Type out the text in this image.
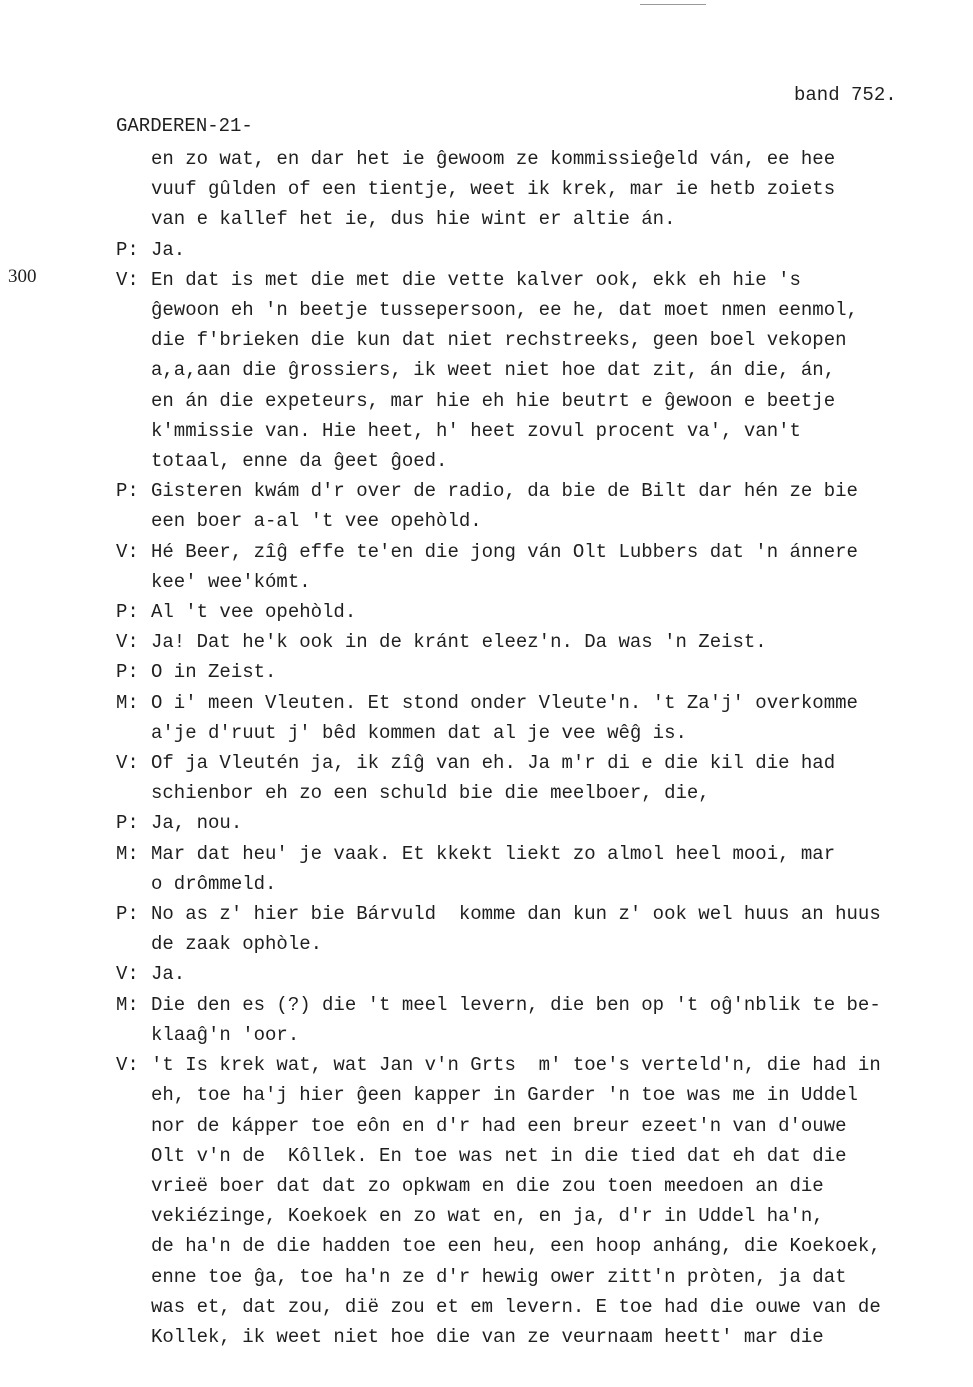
band 752.
GARDEREN-21-
300
en zo wat, en dar het ie ĝewoom ze kommissieĝeld ván, ee hee
vuuf gûlden of een tientje, weet ik krek, mar ie hetb zoiets
van e kallef het ie, dus hie wint er altie án.
P: Ja.
V: En dat is met die met die vette kalver ook, ekk eh hie 's
ĝewoon eh 'n beetje tussepersoon, ee he, dat moet nmen eenmol,
die f'brieken die kun dat niet rechstreeks, geen boel vekopen
a,a,aan die ĝrossiers, ik weet niet hoe dat zit, án die, án,
en án die expeteurs, mar hie eh hie beutrt e ĝewoon e beetje
k'mmissie van. Hie heet, h' heet zovul procent va', van't
totaal, enne da ĝeet ĝoed.
P: Gisteren kwám d'r over de radio, da bie de Bilt dar hén ze bie
een boer a-al 't vee opehòld.
V: Hé Beer, zîĝ effe te'en die jong ván Olt Lubbers dat 'n ánnere
kee' wee'kómt.
P: Al 't vee opehòld.
V: Ja! Dat he'k ook in de kránt eleez'n. Da was 'n Zeist.
P: O in Zeist.
M: O i' meen Vleuten. Et stond onder Vleute'n. 't Za'j' overkomme
a'je d'ruut j' bêd kommen dat al je vee wêĝ is.
V: Of ja Vleutén ja, ik zîĝ van eh. Ja m'r di e die kil die had
schienbor eh zo een schuld bie die meelboer, die,
P: Ja, nou.
M: Mar dat heu' je vaak. Et kkekt liekt zo almol heel mooi, mar
o drômmeld.
P: No as z' hier bie Bárvuld  komme dan kun z' ook wel huus an huus
de zaak ophòle.
V: Ja.
M: Die den es (?) die 't meel levern, die ben op 't oĝ'nblik te be-
klaaĝ'n 'oor.
V: 't Is krek wat, wat Jan v'n Grts  m' toe's verteld'n, die had in
eh, toe ha'j hier ĝeen kapper in Garder 'n toe was me in Uddel
nor de kápper toe eôn en d'r had een breur ezeet'n van d'ouwe
Olt v'n de  Kôllek. En toe was net in die tied dat eh dat die
vrieë boer dat dat zo opkwam en die zou toen meedoen an die
vekiézinge, Koekoek en zo wat en, en ja, d'r in Uddel ha'n,
de ha'n de die hadden toe een heu, een hoop anháng, die Koekoek,
enne toe ĝa, toe ha'n ze d'r hewig ower zitt'n pròten, ja dat
was et, dat zou, dië zou et em levern. E toe had die ouwe van de
Kollek, ik weet niet hoe die van ze veurnaam heett' mar die
